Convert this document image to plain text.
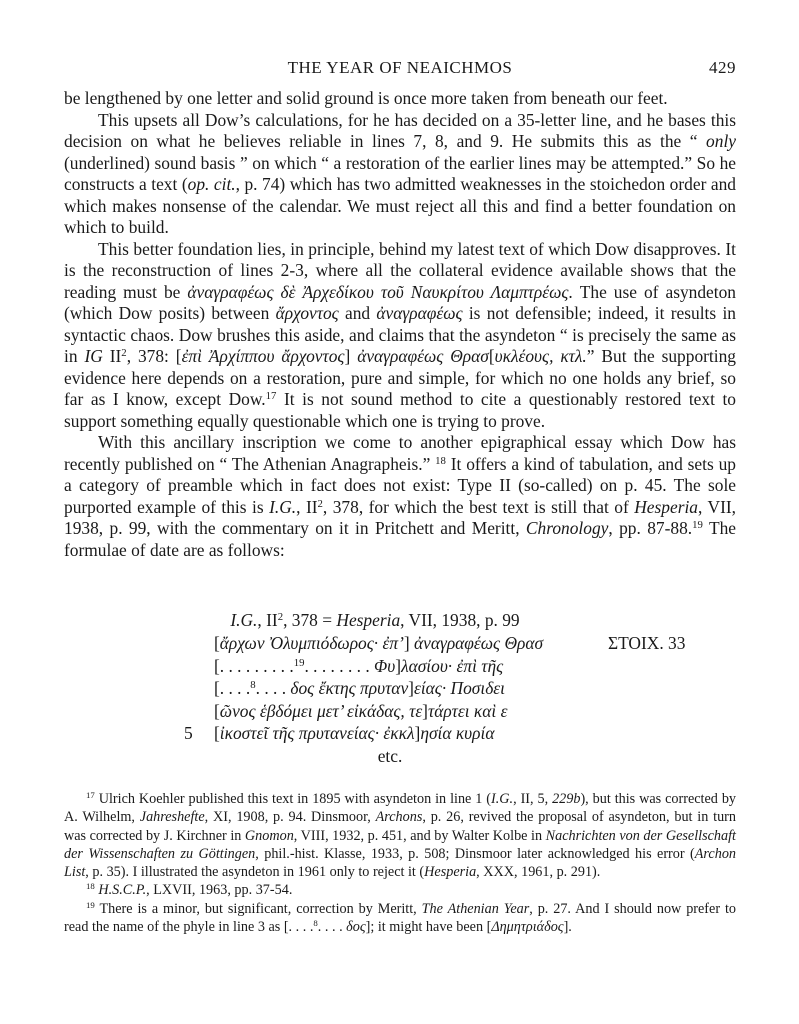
THE YEAR OF NEAICHMOS	429

be lengthened by one letter and solid ground is once more taken from beneath our feet.

This upsets all Dow’s calculations, for he has decided on a 35-letter line, and he bases this decision on what he believes reliable in lines 7, 8, and 9. He submits this as the “ only (underlined) sound basis ” on which “ a restoration of the earlier lines may be attempted.” So he constructs a text (op. cit., p. 74) which has two admitted weaknesses in the stoichedon order and which makes nonsense of the calendar. We must reject all this and find a better foundation on which to build.

This better foundation lies, in principle, behind my latest text of which Dow disapproves. It is the reconstruction of lines 2-3, where all the collateral evidence available shows that the reading must be ἀναγραφέως δὲ Ἀρχεδίκου τοῦ Ναυκρίτου Λαμπτρέως. The use of asyndeton (which Dow posits) between ἄρχοντος and ἀναγραφέως is not defensible; indeed, it results in syntactic chaos. Dow brushes this aside, and claims that the asyndeton “ is precisely the same as in IG $II^2$, 378: [ἐπὶ Ἀρχίππου ἄρχοντος] ἀναγραφέως Θρασ[υκλέους, κτλ.” But the supporting evidence here depends on a restoration, pure and simple, for which no one holds any brief, so far as I know, except Dow.$^{17}$ It is not sound method to cite a questionably restored text to support something equally questionable which one is trying to prove.

With this ancillary inscription we come to another epigraphical essay which Dow has recently published on “ The Athenian Anagrapheis.” $^{18}$ It offers a kind of tabulation, and sets up a category of preamble which in fact does not exist: Type II (so-called) on p. 45. The sole purported example of this is I.G., $II^2$, 378, for which the best text is still that of Hesperia, VII, 1938, p. 99, with the commentary on it in Pritchett and Meritt, Chronology, pp. 87-88.19 The formulae of date are as follows:

I.G., $II^2$, 378 = Hesperia, VII, 1938, p. 99
[ἄρχων Ὀλυμπιόδωρος· ἐπ’] ἀναγραφέως Θρασ	ΣΤΟΙΧ. 33
[. . . . . . . . .$^{19}$. . . . . . . . Φυ]λασίου· ἐπὶ τῆς
[. . . .$^8$. . . . δος ἔκτης πρυταν]είας· Ποσιδει
[ῶνος ἑβδόμει μετ’ εἰκάδας, τε]τάρτει καὶ ε
5 [ἰκοστεῖ τῆς πρυτανείας· ἐκκλ]ησία κυρία
etc.

$^{17}$ Ulrich Koehler published this text in 1895 with asyndeton in line 1 (I.G., II, 5, 229b), but this was corrected by A. Wilhelm, Jahreshefte, XI, 1908, p. 94. Dinsmoor, Archons, p. 26, revived the proposal of asyndeton, but in turn was corrected by J. Kirchner in Gnomon, VIII, 1932, p. 451, and by Walter Kolbe in Nachrichten von der Gesellschaft der Wissenschaften zu Göttingen, phil.-hist. Klasse, 1933, p. 508; Dinsmoor later acknowledged his error (Archon List, p. 35). I illustrated the asyndeton in 1961 only to reject it (Hesperia, XXX, 1961, p. 291).

$^{18}$ H.S.C.P., LXVII, 1963, pp. 37-54.

$^{19}$ There is a minor, but significant, correction by Meritt, The Athenian Year, p. 27. And I should now prefer to read the name of the phyle in line 3 as [. . . .$^8$. . . . δος]; it might have been [Δημητριάδος].
